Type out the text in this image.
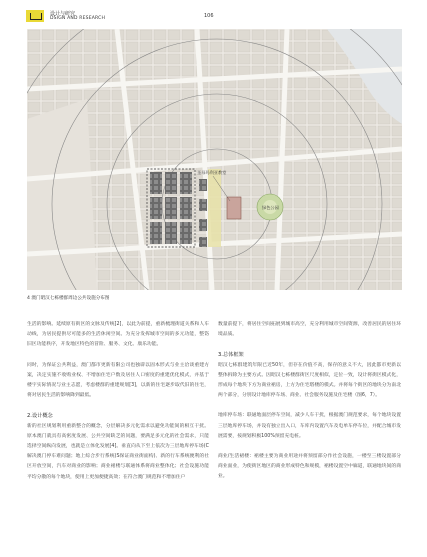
设计与研究
DSIGN AND RESEARCH	106
圣母玛利亚教堂
绿色公园
4 澳门昭汉七栋楼群周边公共设施分布图

生活的影响。延续原有街区的文脉及传统[2]，以此为前提，重新梳理街道关系和人车动线，为居民提供尽可能多的生活休闲空间。为充分发挥城市空间的多元功能，整饬旧区功能秩序，开发地区特色的冒险、服务、文化、康乐功能。

同时，为保证公共利益，澳门都市更新有限公司也独辟以固本形式与业主洽谈重建方案，决定实施不收购业权、不增加住宅户数及居住人口密度的重建优化模式，并基于楼宇实际情况与业主志愿，考虑楼群的重建规划[3]，以新的住宅逐步取代旧的住宅，将对居民生活的影响降到最低。

2.设计概念

新的社区规划利用重新整合的概念，分层解决多元化需求以避免功能间的相互干扰。原本澳门就具有高密度发展、公共空间缺乏的问题，要满足多元化的社会需求，只能选择空间纵向发展，也就是立体化发展[4]。垂直向从下至上依次为三层地库停车场(C解决澳门停车难问题；地上综合步行系统(S保证商业街面构)、新的行车系统便利的社区开放空间，汽车对商业的影响；商业裙楼与联通体系将商业整体化；社会设施功能平均分散的每个地块，使用上更加便捷高效；在符合澳门规范和不增加住户

数量前提下，将居住空间拓展到城市高空，充分利用城市空间资源，改善居民的居住环境品质。

3.总体框架

昭汉七栋群建筑年限已近50年，但存在价值不高，保存的意义不大，因此都市更新以整体拆除为主要方式。因昭汉七栋楼群街区尺度相似，定位一致，设计将街区模式化，形成每个地块下方为商业裙房，上方为住宅塔楼的模式。并将每个街区的地块分为南北两个部分，分别设计地库停车场、商业、社会服务设施及住宅楼（图6，7）。

地库停车场：联通地面层停车空间，减少人车干扰，根据澳门规范要求，每个地块设置三层地库停车场，并设有独立出入口，车库内设置汽车及电单车停车位，并配合城市发展需要，按规划积极100%预留充电桩。

商业/生活裙楼：裙楼主要为商业用途并将预留部分作社会设施，一楼至三楼设置部分商业面业，为使街区地区的商业形成特色和规模，裙楼设置空中廊道，联通地块间的商业。
